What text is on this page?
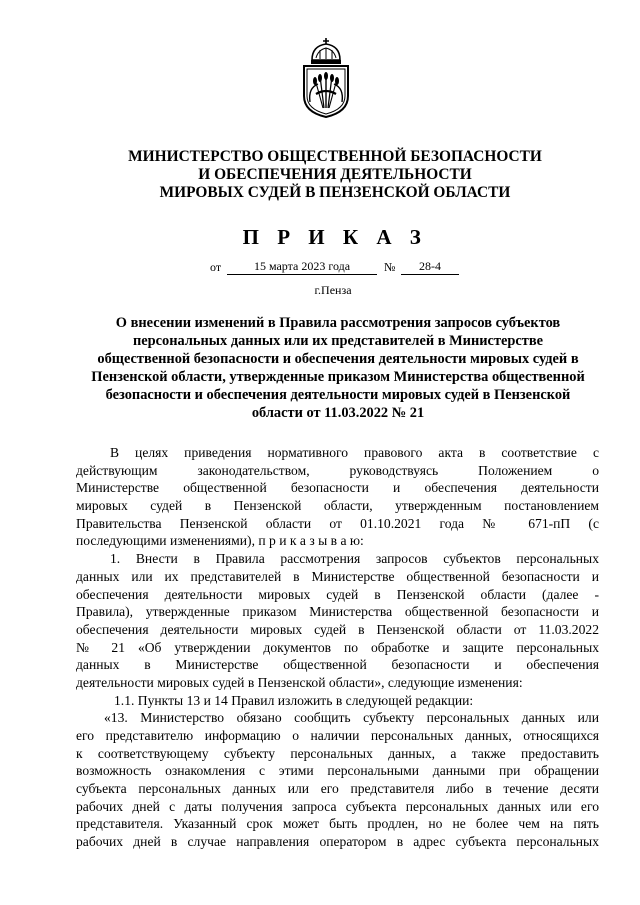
МИНИСТЕРСТВО ОБЩЕСТВЕННОЙ БЕЗОПАСНОСТИ
И ОБЕСПЕЧЕНИЯ ДЕЯТЕЛЬНОСТИ
МИРОВЫХ СУДЕЙ В ПЕНЗЕНСКОЙ ОБЛАСТИ
П Р И К А З
от	15 марта 2023 года	№	28-4
г.Пенза
О внесении изменений в Правила рассмотрения запросов субъектов
персональных данных или их представителей в Министерстве
общественной безопасности и обеспечения деятельности мировых судей в
Пензенской области, утвержденные приказом Министерства общественной
безопасности и обеспечения деятельности мировых судей в Пензенской
области от 11.03.2022 № 21
В целях приведения нормативного правового акта в соответствие с
действующим законодательством, руководствуясь Положением о
Министерстве общественной безопасности и обеспечения деятельности
мировых судей в Пензенской области, утвержденным постановлением
Правительства Пензенской области от 01.10.2021 года № 671-пП (с
последующими изменениями), п р и к а з ы в а ю:
1. Внести в Правила рассмотрения запросов субъектов персональных
данных или их представителей в Министерстве общественной безопасности и
обеспечения деятельности мировых судей в Пензенской области (далее -
Правила), утвержденные приказом Министерства общественной безопасности и
обеспечения деятельности мировых судей в Пензенской области от 11.03.2022
№ 21 «Об утверждении документов по обработке и защите персональных
данных в Министерстве общественной безопасности и обеспечения
деятельности мировых судей в Пензенской области», следующие изменения:
1.1. Пункты 13 и 14 Правил изложить в следующей редакции:
«13. Министерство обязано сообщить субъекту персональных данных или
его представителю информацию о наличии персональных данных, относящихся
к соответствующему субъекту персональных данных, а также предоставить
возможность ознакомления с этими персональными данными при обращении
субъекта персональных данных или его представителя либо в течение десяти
рабочих дней с даты получения запроса субъекта персональных данных или его
представителя. Указанный срок может быть продлен, но не более чем на пять
рабочих дней в случае направления оператором в адрес субъекта персональных
